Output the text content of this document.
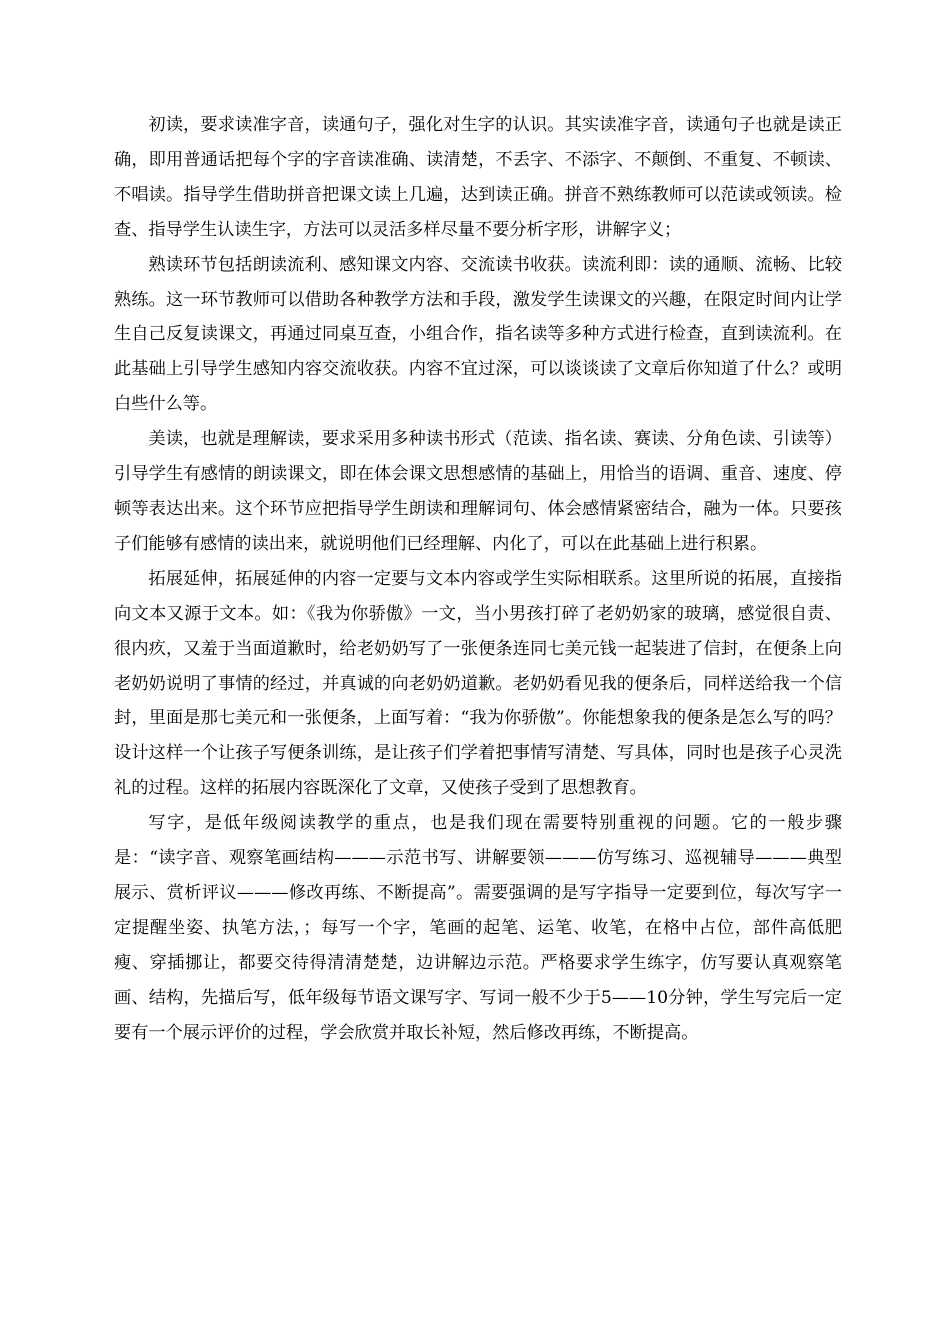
初读，要求读准字音，读通句子，强化对生字的认识。其实读准字音，读通句子也就是读正确，即用普通话把每个字的字音读准确、读清楚，不丢字、不添字、不颠倒、不重复、不顿读、不唱读。指导学生借助拼音把课文读上几遍，达到读正确。拼音不熟练教师可以范读或领读。检查、指导学生认读生字，方法可以灵活多样尽量不要分析字形，讲解字义；

熟读环节包括朗读流利、感知课文内容、交流读书收获。读流利即：读的通顺、流畅、比较熟练。这一环节教师可以借助各种教学方法和手段，激发学生读课文的兴趣，在限定时间内让学生自己反复读课文，再通过同桌互查，小组合作，指名读等多种方式进行检查，直到读流利。在此基础上引导学生感知内容交流收获。内容不宜过深，可以谈谈读了文章后你知道了什么？或明白些什么等。

美读，也就是理解读，要求采用多种读书形式（范读、指名读、赛读、分角色读、引读等）引导学生有感情的朗读课文，即在体会课文思想感情的基础上，用恰当的语调、重音、速度、停顿等表达出来。这个环节应把指导学生朗读和理解词句、体会感情紧密结合，融为一体。只要孩子们能够有感情的读出来，就说明他们已经理解、内化了，可以在此基础上进行积累。

拓展延伸，拓展延伸的内容一定要与文本内容或学生实际相联系。这里所说的拓展，直接指向文本又源于文本。如：《我为你骄傲》一文，当小男孩打碎了老奶奶家的玻璃，感觉很自责、很内疚，又羞于当面道歉时，给老奶奶写了一张便条连同七美元钱一起装进了信封，在便条上向老奶奶说明了事情的经过，并真诚的向老奶奶道歉。老奶奶看见我的便条后，同样送给我一个信封，里面是那七美元和一张便条，上面写着：“我为你骄傲”。你能想象我的便条是怎么写的吗？设计这样一个让孩子写便条训练，是让孩子们学着把事情写清楚、写具体，同时也是孩子心灵洗礼的过程。这样的拓展内容既深化了文章，又使孩子受到了思想教育。

写字，是低年级阅读教学的重点，也是我们现在需要特别重视的问题。它的一般步骤是：“读字音、观察笔画结构———示范书写、讲解要领———仿写练习、巡视辅导———典型展示、赏析评议———修改再练、不断提高”。需要强调的是写字指导一定要到位，每次写字一定提醒坐姿、执笔方法，；每写一个字，笔画的起笔、运笔、收笔，在格中占位，部件高低肥瘦、穿插挪让，都要交待得清清楚楚，边讲解边示范。严格要求学生练字，仿写要认真观察笔画、结构，先描后写，低年级每节语文课写字、写词一般不少于5——10分钟，学生写完后一定要有一个展示评价的过程，学会欣赏并取长补短，然后修改再练，不断提高。
